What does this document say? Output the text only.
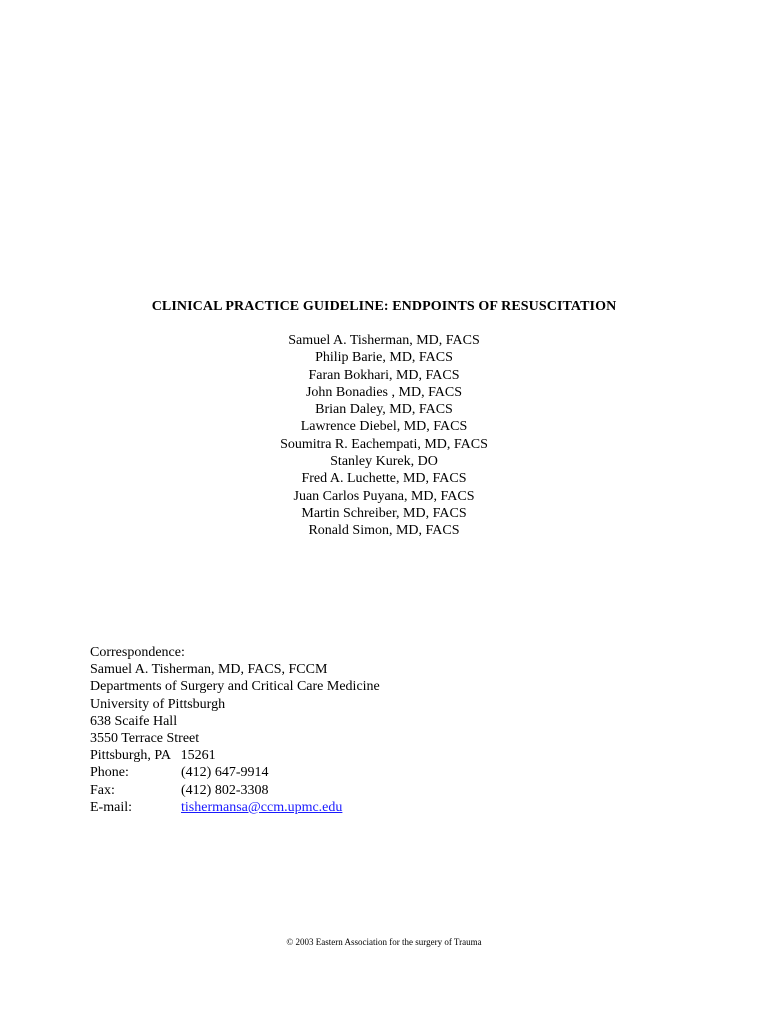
CLINICAL PRACTICE GUIDELINE: ENDPOINTS OF RESUSCITATION
Samuel A. Tisherman, MD, FACS
Philip Barie, MD, FACS
Faran Bokhari, MD, FACS
John Bonadies , MD, FACS
Brian Daley, MD, FACS
Lawrence Diebel, MD, FACS
Soumitra R. Eachempati, MD, FACS
Stanley Kurek, DO
Fred A. Luchette, MD, FACS
Juan Carlos Puyana, MD, FACS
Martin Schreiber, MD, FACS
Ronald Simon, MD, FACS
Correspondence:
Samuel A. Tisherman, MD, FACS, FCCM
Departments of Surgery and Critical Care Medicine
University of Pittsburgh
638 Scaife Hall
3550 Terrace Street
Pittsburgh, PA   15261
Phone:	(412) 647-9914
Fax:	(412) 802-3308
E-mail:	tishermansa@ccm.upmc.edu
© 2003 Eastern Association for the surgery of Trauma
